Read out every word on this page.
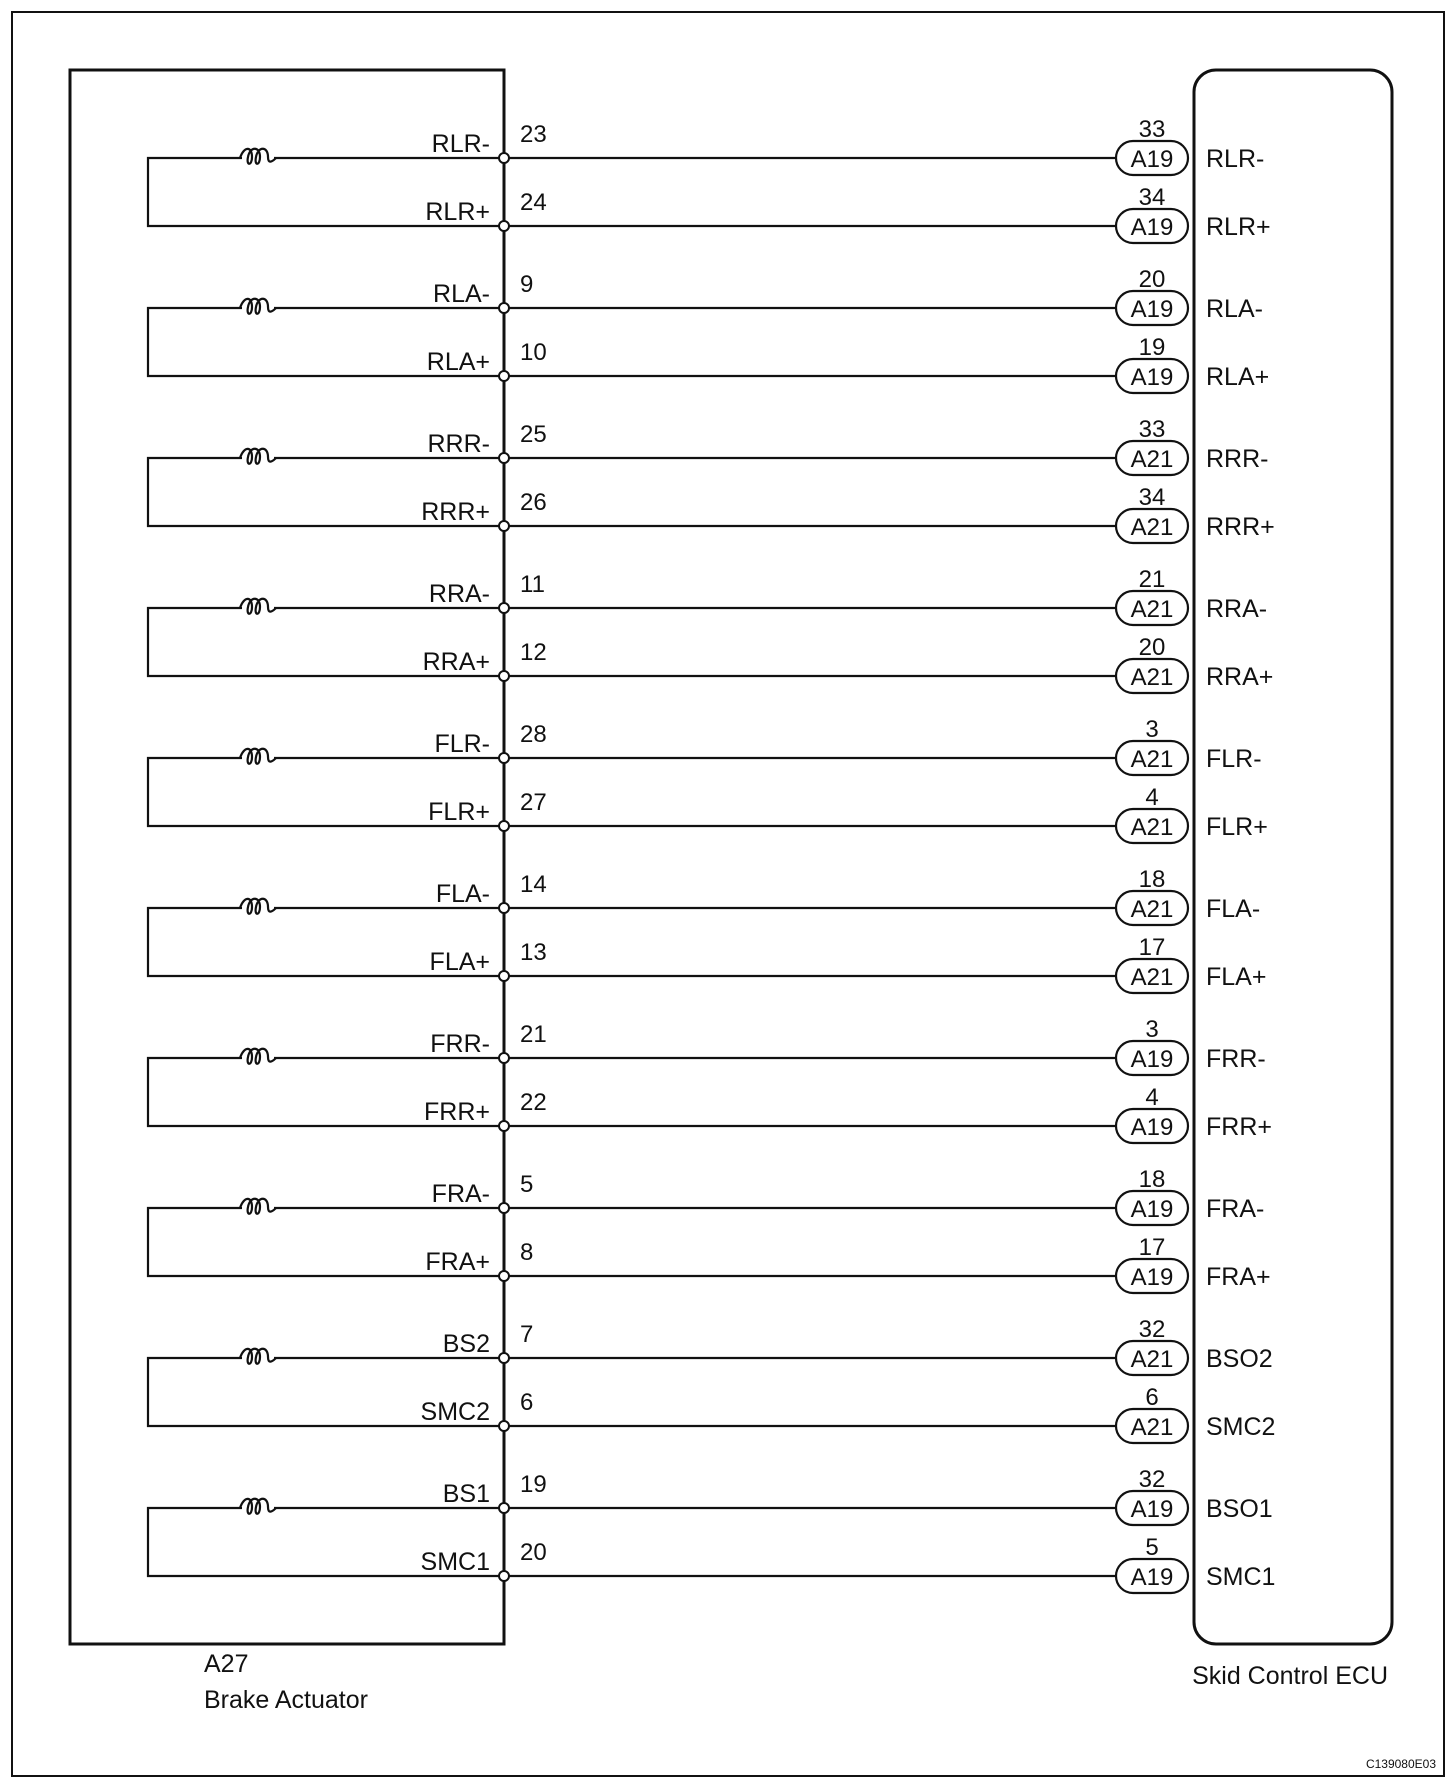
RLR- 23
A19
33
RLR-
RLR+ 24
A19
34
RLR+
RLA- 9
A19
20
RLA-
RLA+ 10
A19
19
RLA+
RRR- 25
A21
33
RRR-
RRR+ 26
A21
34
RRR+
RRA- 11
A21
21
RRA-
RRA+ 12
A21
20
RRA+
FLR- 28
A21
3
FLR-
FLR+ 27
A21
4
FLR+
FLA- 14
A21
18
FLA-
FLA+ 13
A21
17
FLA+
FRR- 21
A19
3
FRR-
FRR+ 22
A19
4
FRR+
FRA- 5
A19
18
FRA-
FRA+ 8
A19
17
FRA+
BS2 7
A21
32
BSO2
SMC2 6
A21
6
SMC2
BS1 19
A19
32
BSO1
SMC1 20
A19
5
SMC1
A27
Brake Actuator
Skid Control ECU
C139080E03
